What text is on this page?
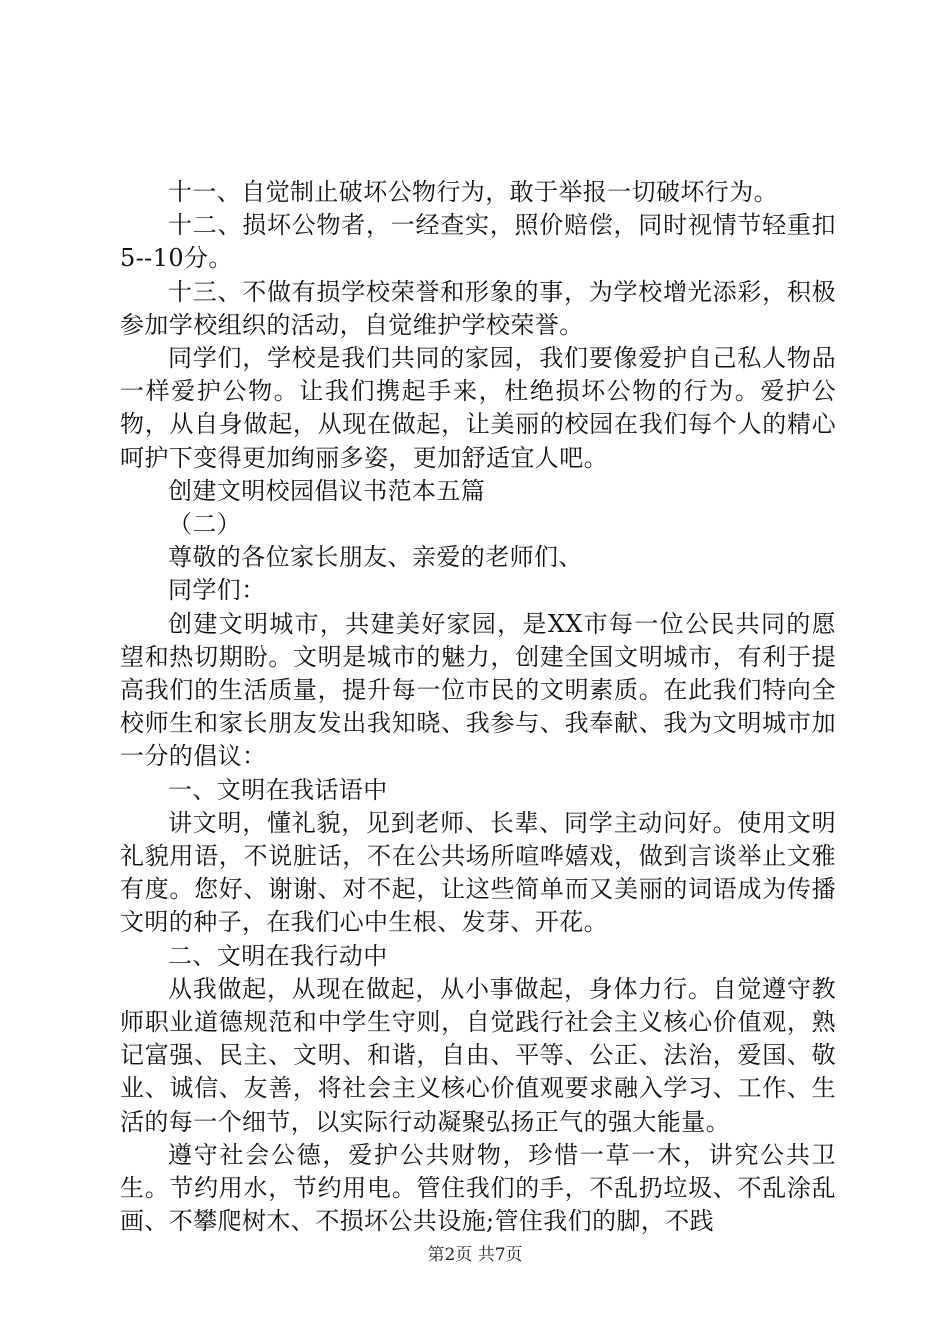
十一、自觉制止破坏公物行为，敢于举报一切破坏行为。

十二、损坏公物者，一经查实，照价赔偿，同时视情节轻重扣5--10分。

十三、不做有损学校荣誉和形象的事，为学校增光添彩，积极参加学校组织的活动，自觉维护学校荣誉。

同学们，学校是我们共同的家园，我们要像爱护自己私人物品一样爱护公物。让我们携起手来，杜绝损坏公物的行为。爱护公物，从自身做起，从现在做起，让美丽的校园在我们每个人的精心呵护下变得更加绚丽多姿，更加舒适宜人吧。

创建文明校园倡议书范本五篇

（二）

尊敬的各位家长朋友、亲爱的老师们、

同学们：

创建文明城市，共建美好家园，是XX市每一位公民共同的愿望和热切期盼。文明是城市的魅力，创建全国文明城市，有利于提高我们的生活质量，提升每一位市民的文明素质。在此我们特向全校师生和家长朋友发出我知晓、我参与、我奉献、我为文明城市加一分的倡议：

一、文明在我话语中

讲文明，懂礼貌，见到老师、长辈、同学主动问好。使用文明礼貌用语，不说脏话，不在公共场所喧哗嬉戏，做到言谈举止文雅有度。您好、谢谢、对不起，让这些简单而又美丽的词语成为传播文明的种子，在我们心中生根、发芽、开花。

二、文明在我行动中

从我做起，从现在做起，从小事做起，身体力行。自觉遵守教师职业道德规范和中学生守则，自觉践行社会主义核心价值观，熟记富强、民主、文明、和谐，自由、平等、公正、法治，爱国、敬业、诚信、友善，将社会主义核心价值观要求融入学习、工作、生活的每一个细节，以实际行动凝聚弘扬正气的强大能量。

遵守社会公德，爱护公共财物，珍惜一草一木，讲究公共卫生。节约用水，节约用电。管住我们的手，不乱扔垃圾、不乱涂乱画、不攀爬树木、不损坏公共设施;管住我们的脚，不践

第2页 共7页
